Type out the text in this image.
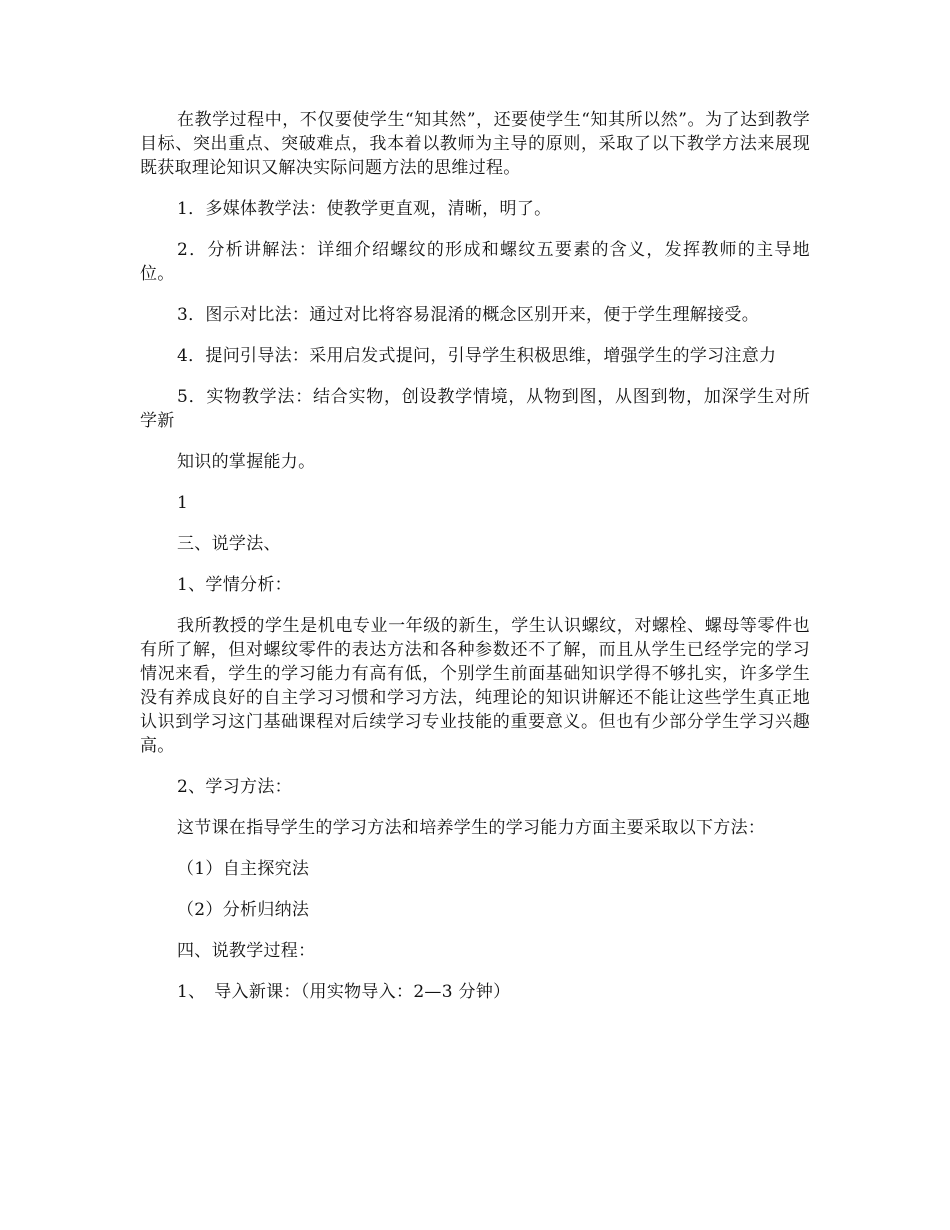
在教学过程中，不仅要使学生“知其然”，还要使学生“知其所以然”。为了达到教学目标、突出重点、突破难点，我本着以教师为主导的原则，采取了以下教学方法来展现既获取理论知识又解决实际问题方法的思维过程。

1．多媒体教学法：使教学更直观，清晰，明了。

2．分析讲解法：详细介绍螺纹的形成和螺纹五要素的含义，发挥教师的主导地位。

3．图示对比法：通过对比将容易混淆的概念区别开来，便于学生理解接受。

4．提问引导法：采用启发式提问，引导学生积极思维，增强学生的学习注意力

5．实物教学法：结合实物，创设教学情境，从物到图，从图到物，加深学生对所学新

知识的掌握能力。

1

三、说学法、

1、学情分析：

我所教授的学生是机电专业一年级的新生，学生认识螺纹，对螺栓、螺母等零件也有所了解，但对螺纹零件的表达方法和各种参数还不了解，而且从学生已经学完的学习情况来看，学生的学习能力有高有低，个别学生前面基础知识学得不够扎实，许多学生没有养成良好的自主学习习惯和学习方法，纯理论的知识讲解还不能让这些学生真正地认识到学习这门基础课程对后续学习专业技能的重要意义。但也有少部分学生学习兴趣高。

2、学习方法：

这节课在指导学生的学习方法和培养学生的学习能力方面主要采取以下方法：

（1）自主探究法

（2）分析归纳法

四、说教学过程：

1、　导入新课：（用实物导入：2—3 分钟）
